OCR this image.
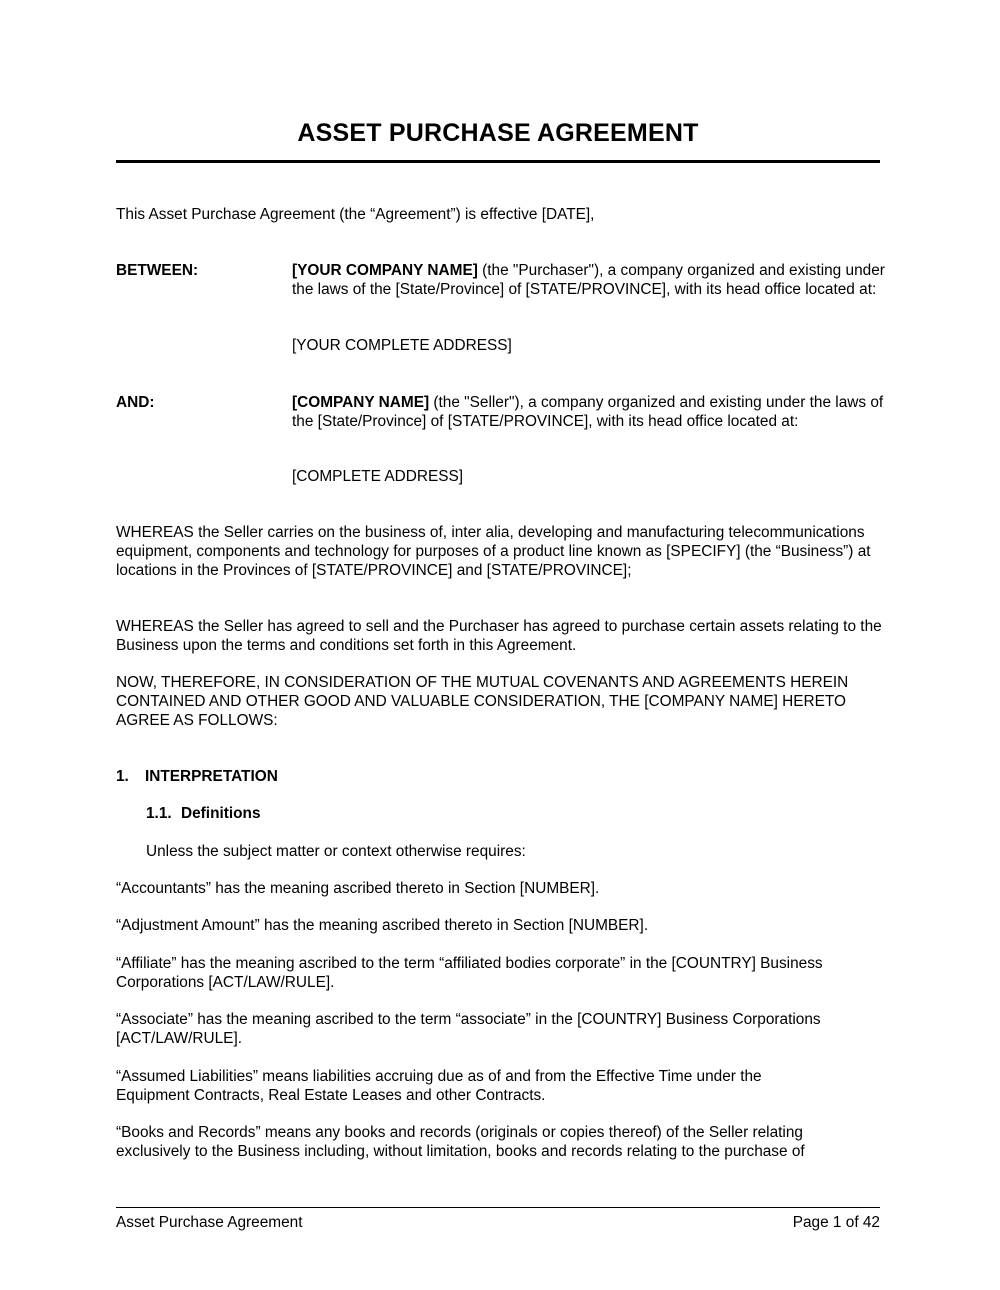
ASSET PURCHASE AGREEMENT
This Asset Purchase Agreement (the “Agreement”) is effective [DATE],
BETWEEN:	[YOUR COMPANY NAME] (the "Purchaser"), a company organized and existing under the laws of the [State/Province] of [STATE/PROVINCE], with its head office located at:
[YOUR COMPLETE ADDRESS]
AND:	[COMPANY NAME] (the "Seller"), a company organized and existing under the laws of the [State/Province] of [STATE/PROVINCE], with its head office located at:
[COMPLETE ADDRESS]
WHEREAS the Seller carries on the business of, inter alia, developing and manufacturing telecommunications equipment, components and technology for purposes of a product line known as [SPECIFY] (the “Business”) at locations in the Provinces of [STATE/PROVINCE] and [STATE/PROVINCE];
WHEREAS the Seller has agreed to sell and the Purchaser has agreed to purchase certain assets relating to the Business upon the terms and conditions set forth in this Agreement.
NOW, THEREFORE, IN CONSIDERATION OF THE MUTUAL COVENANTS AND AGREEMENTS HEREIN CONTAINED AND OTHER GOOD AND VALUABLE CONSIDERATION, THE [COMPANY NAME] HERETO AGREE AS FOLLOWS:
1. INTERPRETATION
1.1. Definitions
Unless the subject matter or context otherwise requires:
“Accountants” has the meaning ascribed thereto in Section [NUMBER].
“Adjustment Amount” has the meaning ascribed thereto in Section [NUMBER].
“Affiliate” has the meaning ascribed to the term “affiliated bodies corporate” in the [COUNTRY] Business Corporations [ACT/LAW/RULE].
“Associate” has the meaning ascribed to the term “associate” in the [COUNTRY] Business Corporations [ACT/LAW/RULE].
“Assumed Liabilities” means liabilities accruing due as of and from the Effective Time under the Equipment Contracts, Real Estate Leases and other Contracts.
“Books and Records” means any books and records (originals or copies thereof) of the Seller relating exclusively to the Business including, without limitation, books and records relating to the purchase of
Asset Purchase Agreement	Page 1 of 42
